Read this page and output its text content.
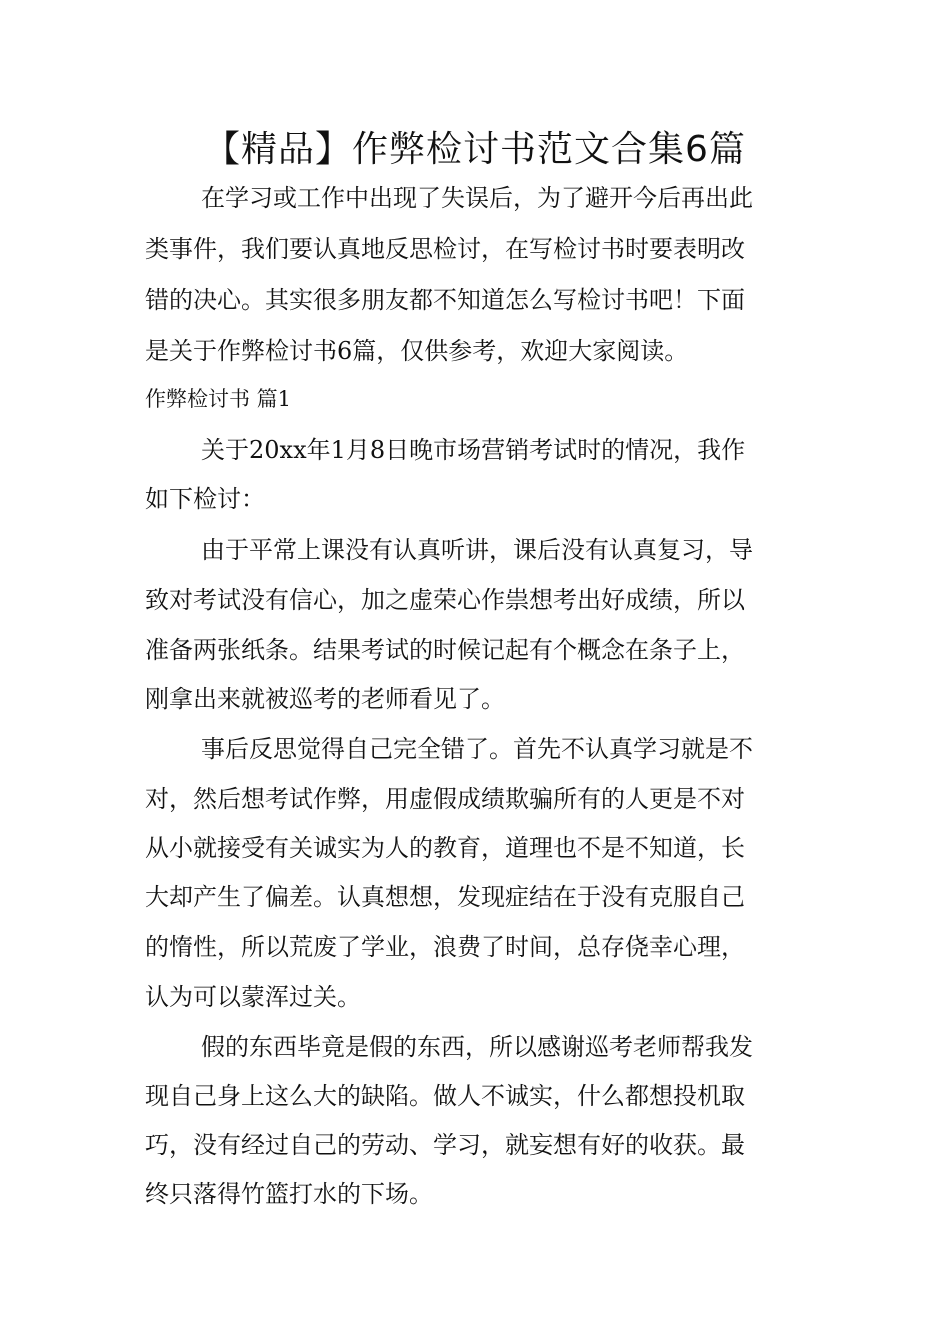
【精品】作弊检讨书范文合集6篇
在学习或工作中出现了失误后，为了避开今后再出此
类事件，我们要认真地反思检讨，在写检讨书时要表明改
错的决心。其实很多朋友都不知道怎么写检讨书吧！下面
是关于作弊检讨书6篇，仅供参考，欢迎大家阅读。
作弊检讨书 篇1
关于20xx年1月8日晚市场营销考试时的情况，我作
如下检讨：
由于平常上课没有认真听讲，课后没有认真复习，导
致对考试没有信心，加之虚荣心作祟想考出好成绩，所以
准备两张纸条。结果考试的时候记起有个概念在条子上，
刚拿出来就被巡考的老师看见了。
事后反思觉得自己完全错了。首先不认真学习就是不
对，然后想考试作弊，用虚假成绩欺骗所有的人更是不对
从小就接受有关诚实为人的教育，道理也不是不知道，长
大却产生了偏差。认真想想，发现症结在于没有克服自己
的惰性，所以荒废了学业，浪费了时间，总存侥幸心理，
认为可以蒙浑过关。
假的东西毕竟是假的东西，所以感谢巡考老师帮我发
现自己身上这么大的缺陷。做人不诚实，什么都想投机取
巧，没有经过自己的劳动、学习，就妄想有好的收获。最
终只落得竹篮打水的下场。
